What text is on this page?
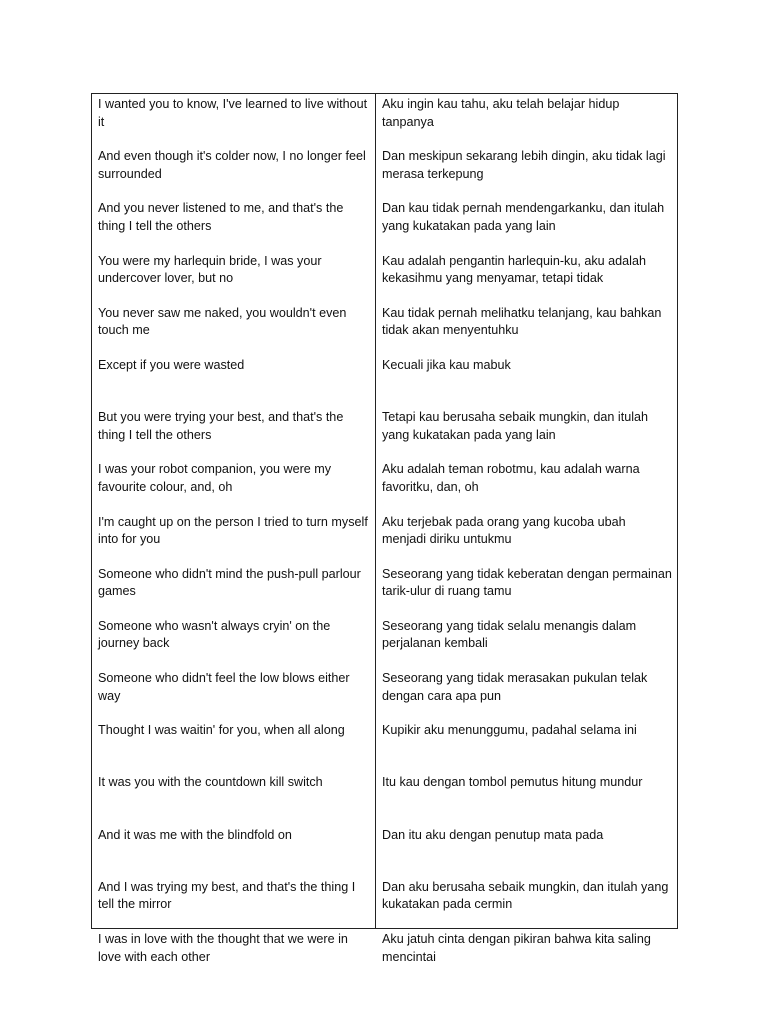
I wanted you to know, I've learned to live without it
And even though it's colder now, I no longer feel surrounded
And you never listened to me, and that's the thing I tell the others
You were my harlequin bride, I was your undercover lover, but no
You never saw me naked, you wouldn't even touch me
Except if you were wasted
But you were trying your best, and that's the thing I tell the others
I was your robot companion, you were my favourite colour, and, oh
I'm caught up on the person I tried to turn myself into for you
Someone who didn't mind the push-pull parlour games
Someone who wasn't always cryin' on the journey back
Someone who didn't feel the low blows either way
Thought I was waitin' for you, when all along
It was you with the countdown kill switch
And it was me with the blindfold on
And I was trying my best, and that's the thing I tell the mirror
I was in love with the thought that we were in love with each other
Aku ingin kau tahu, aku telah belajar hidup tanpanya
Dan meskipun sekarang lebih dingin, aku tidak lagi merasa terkepung
Dan kau tidak pernah mendengarkanku, dan itulah yang kukatakan pada yang lain
Kau adalah pengantin harlequin-ku, aku adalah kekasihmu yang menyamar, tetapi tidak
Kau tidak pernah melihatku telanjang, kau bahkan tidak akan menyentuhku
Kecuali jika kau mabuk
Tetapi kau berusaha sebaik mungkin, dan itulah yang kukatakan pada yang lain
Aku adalah teman robotmu, kau adalah warna favoritku, dan, oh
Aku terjebak pada orang yang kucoba ubah menjadi diriku untukmu
Seseorang yang tidak keberatan dengan permainan tarik-ulur di ruang tamu
Seseorang yang tidak selalu menangis dalam perjalanan kembali
Seseorang yang tidak merasakan pukulan telak dengan cara apa pun
Kupikir aku menunggumu, padahal selama ini
Itu kau dengan tombol pemutus hitung mundur
Dan itu aku dengan penutup mata pada
Dan aku berusaha sebaik mungkin, dan itulah yang kukatakan pada cermin
Aku jatuh cinta dengan pikiran bahwa kita saling mencintai
